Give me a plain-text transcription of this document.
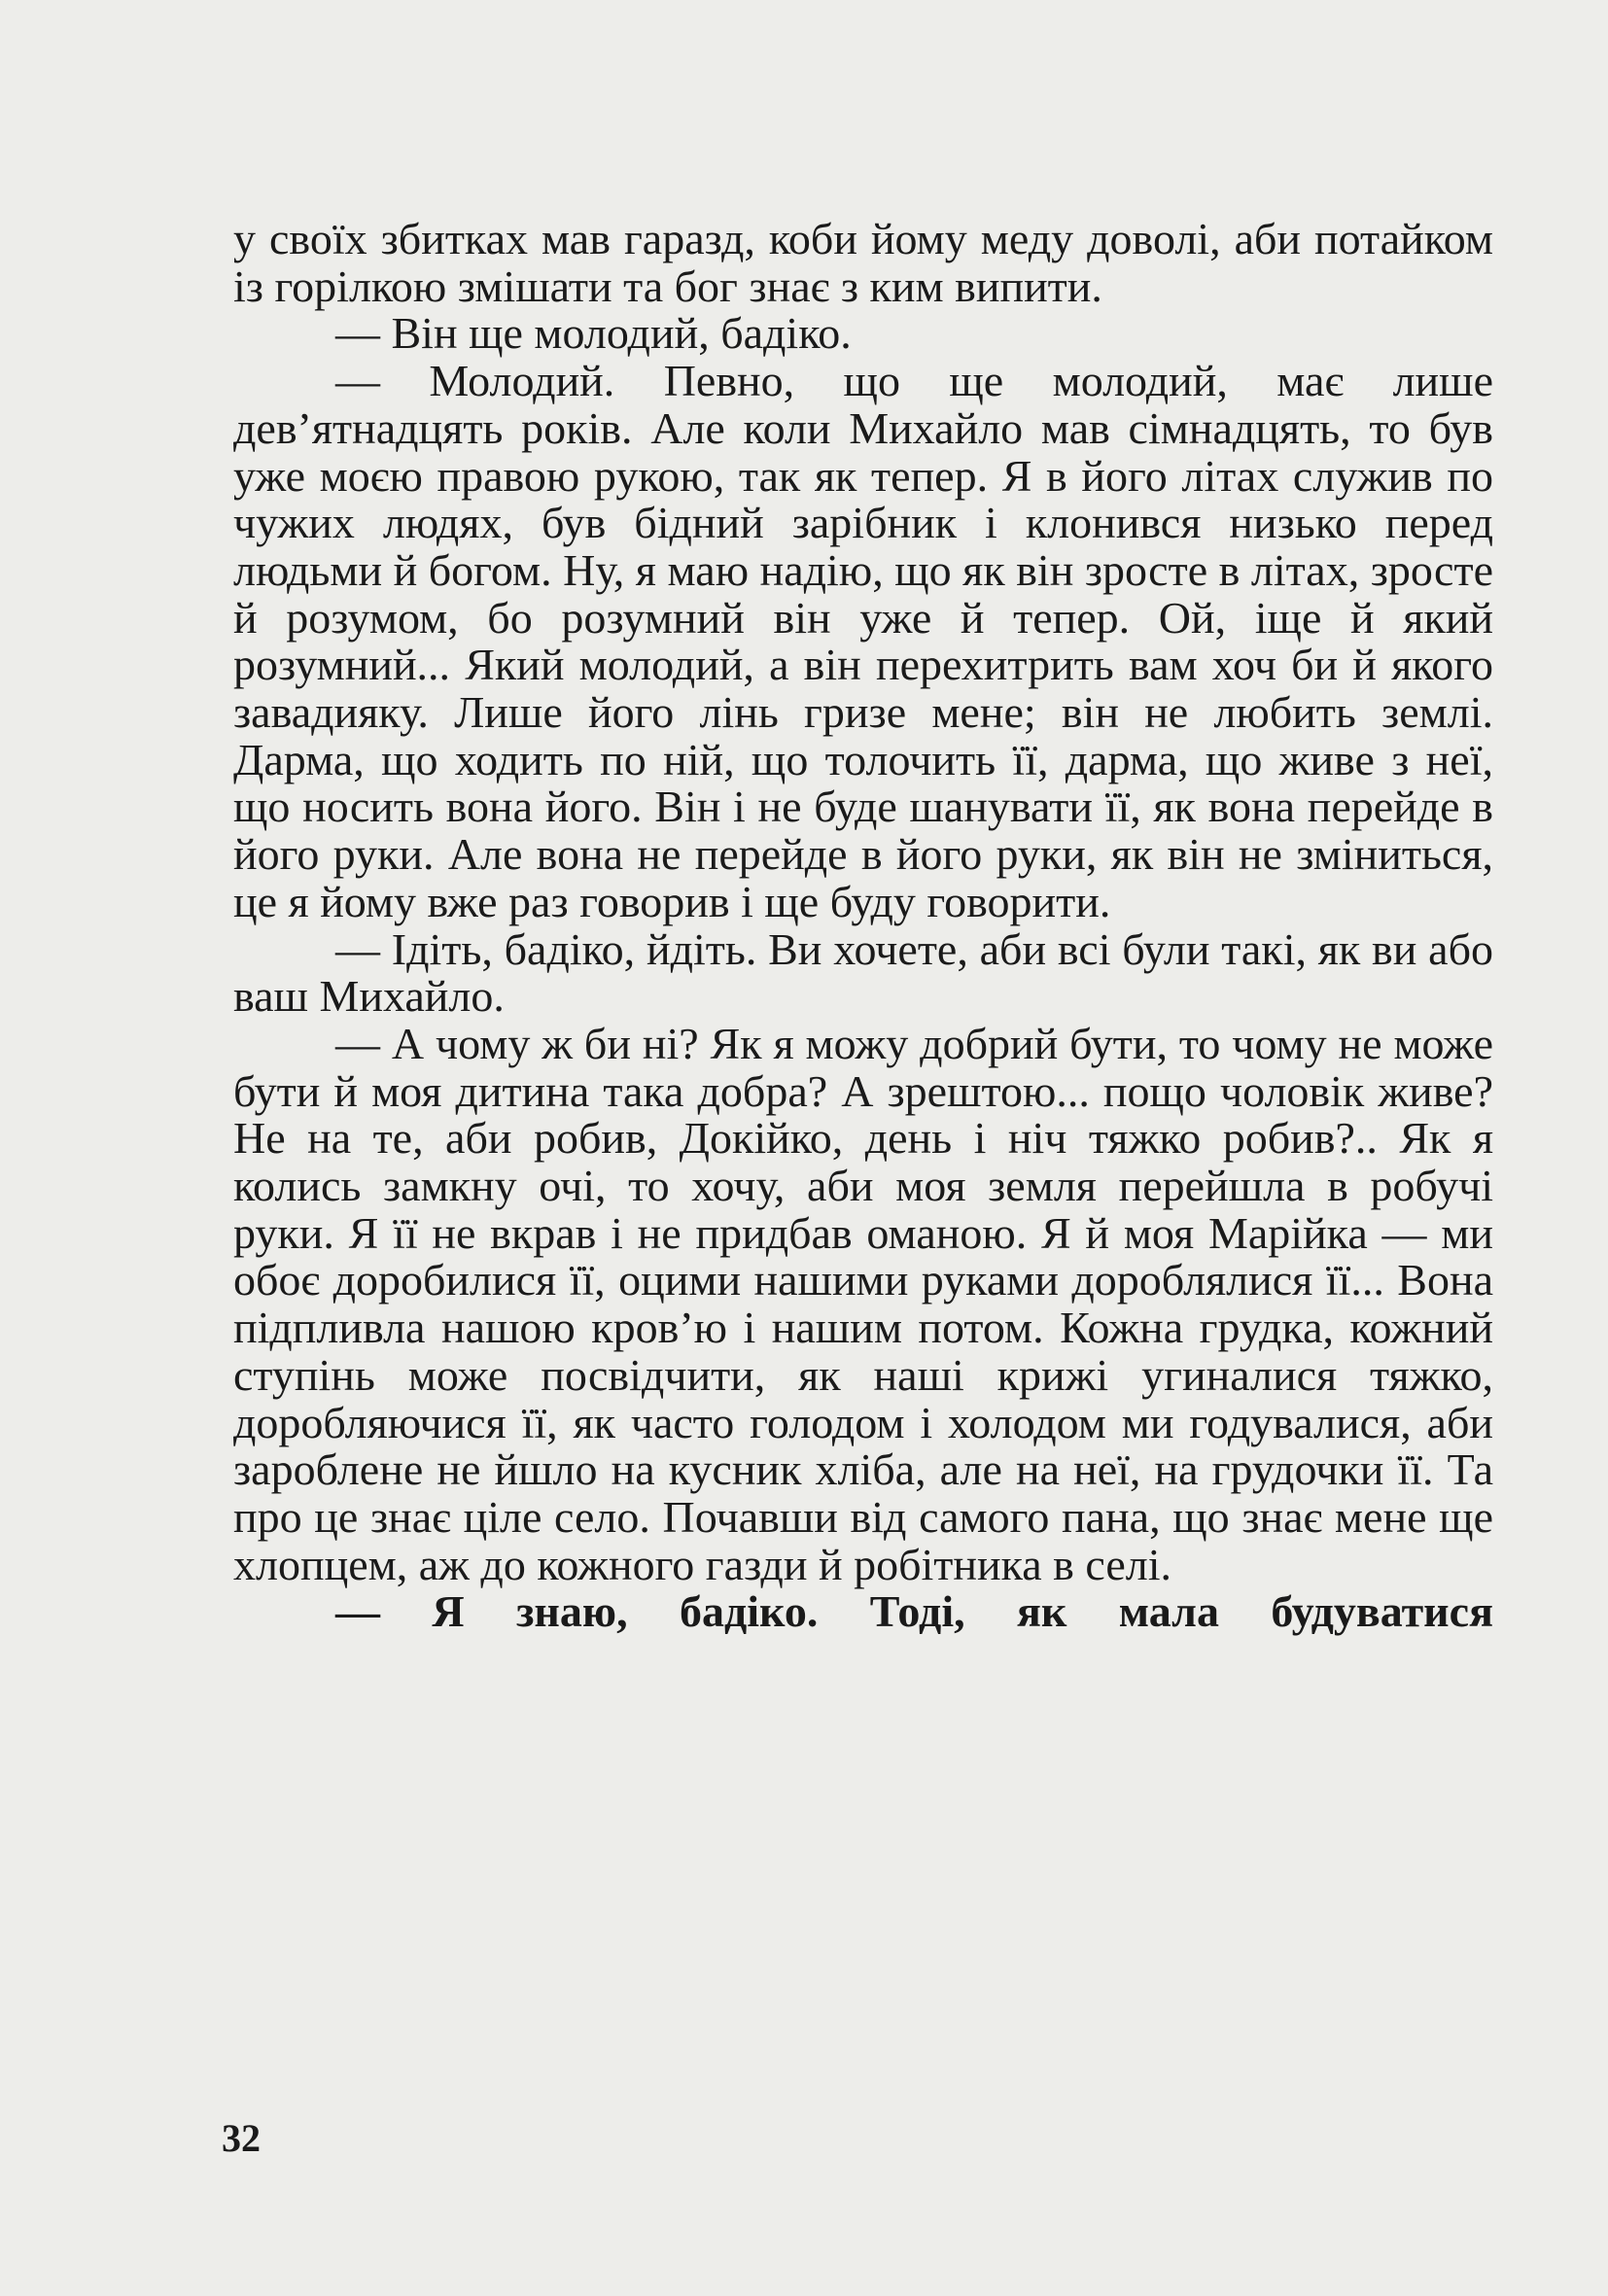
у своїх збитках мав гаразд, коби йому меду доволі, аби потайком із горілкою змішати та бог знає з ким випити.

— Він ще молодий, бадіко.

— Молодий. Певно, що ще молодий, має лише дев’ятнадцять років. Але коли Михайло мав сімнадцять, то був уже моєю правою рукою, так як тепер. Я в його літах служив по чужих людях, був бідний зарібник і клонився низько перед людьми й богом. Ну, я маю надію, що як він зросте в літах, зросте й розумом, бо розумний він уже й тепер. Ой, іще й який розумний... Який молодий, а він перехитрить вам хоч би й якого завадияку. Лише його лінь гризе мене; він не любить землі. Дарма, що ходить по ній, що толочить її, дарма, що живе з неї, що носить вона його. Він і не буде шанувати її, як вона перейде в його руки. Але вона не перейде в його руки, як він не зміниться, це я йому вже раз говорив і ще буду говорити.

— Ідіть, бадіко, йдіть. Ви хочете, аби всі були такі, як ви або ваш Михайло.

— А чому ж би ні? Як я можу добрий бути, то чому не може бути й моя дитина така добра? А зрештою... пощо чоловік живе? Не на те, аби робив, Докійко, день і ніч тяжко робив?.. Як я колись замкну очі, то хочу, аби моя земля перейшла в робучі руки. Я її не вкрав і не придбав оманою. Я й моя Марійка — ми обоє доробилися її, оцими нашими руками дороблялися її... Вона підпливла нашою кров’ю і нашим потом. Кожна грудка, кожний ступінь може посвідчити, як наші крижі угиналися тяжко, доробляючися її, як часто голодом і холодом ми годувалися, аби зароблене не йшло на кусник хліба, але на неї, на грудочки її. Та про це знає ціле село. Почавши від самого пана, що знає мене ще хлопцем, аж до кожного газди й робітника в селі.

— Я знаю, бадіко. Тоді, як мала будуватися

32
